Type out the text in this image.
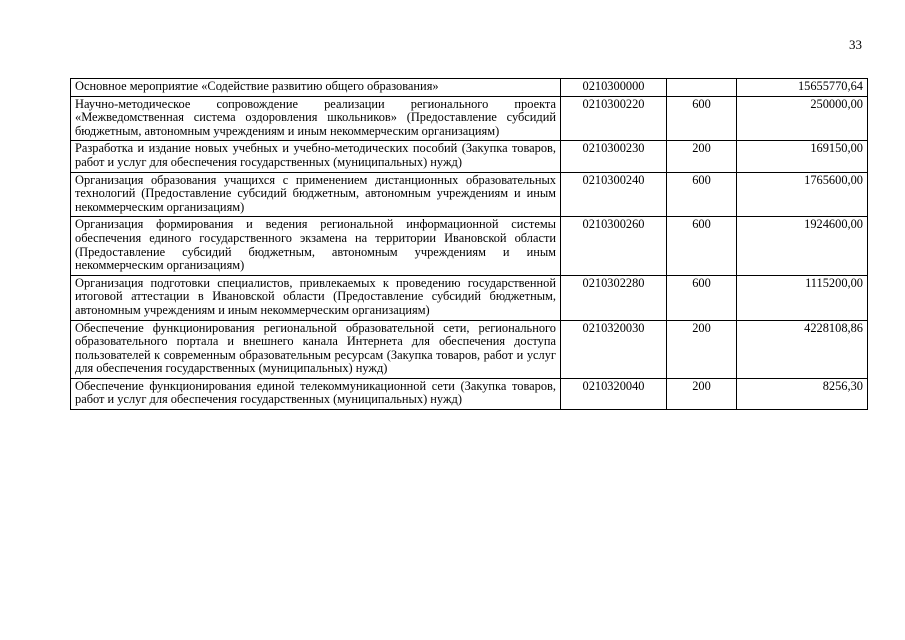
33
Основное мероприятие «Содействие развитию общего образования»	0210300000		15655770,64
Научно-методическое сопровождение реализации регионального проекта «Межведомственная система оздоровления школьников» (Предоставление субсидий бюджетным, автономным учреждениям и иным некоммерческим организациям)	0210300220	600	250000,00
Разработка и издание новых учебных и учебно-методических пособий (Закупка товаров, работ и услуг для обеспечения государственных (муниципальных) нужд)	0210300230	200	169150,00
Организация образования учащихся с применением дистанционных образовательных технологий (Предоставление субсидий бюджетным, автономным учреждениям и иным некоммерческим организациям)	0210300240	600	1765600,00
Организация формирования и ведения региональной информационной системы обеспечения единого государственного экзамена на территории Ивановской области (Предоставление субсидий бюджетным, автономным учреждениям и иным некоммерческим организациям)	0210300260	600	1924600,00
Организация подготовки специалистов, привлекаемых к проведению государственной итоговой аттестации в Ивановской области (Предоставление субсидий бюджетным, автономным учреждениям и иным некоммерческим организациям)	0210302280	600	1115200,00
Обеспечение функционирования региональной образовательной сети, регионального образовательного портала и внешнего канала Интернета для обеспечения доступа пользователей к современным образовательным ресурсам (Закупка товаров, работ и услуг для обеспечения государственных (муниципальных) нужд)	0210320030	200	4228108,86
Обеспечение функционирования единой телекоммуникационной сети (Закупка товаров, работ и услуг для обеспечения государственных (муниципальных) нужд)	0210320040	200	8256,30
